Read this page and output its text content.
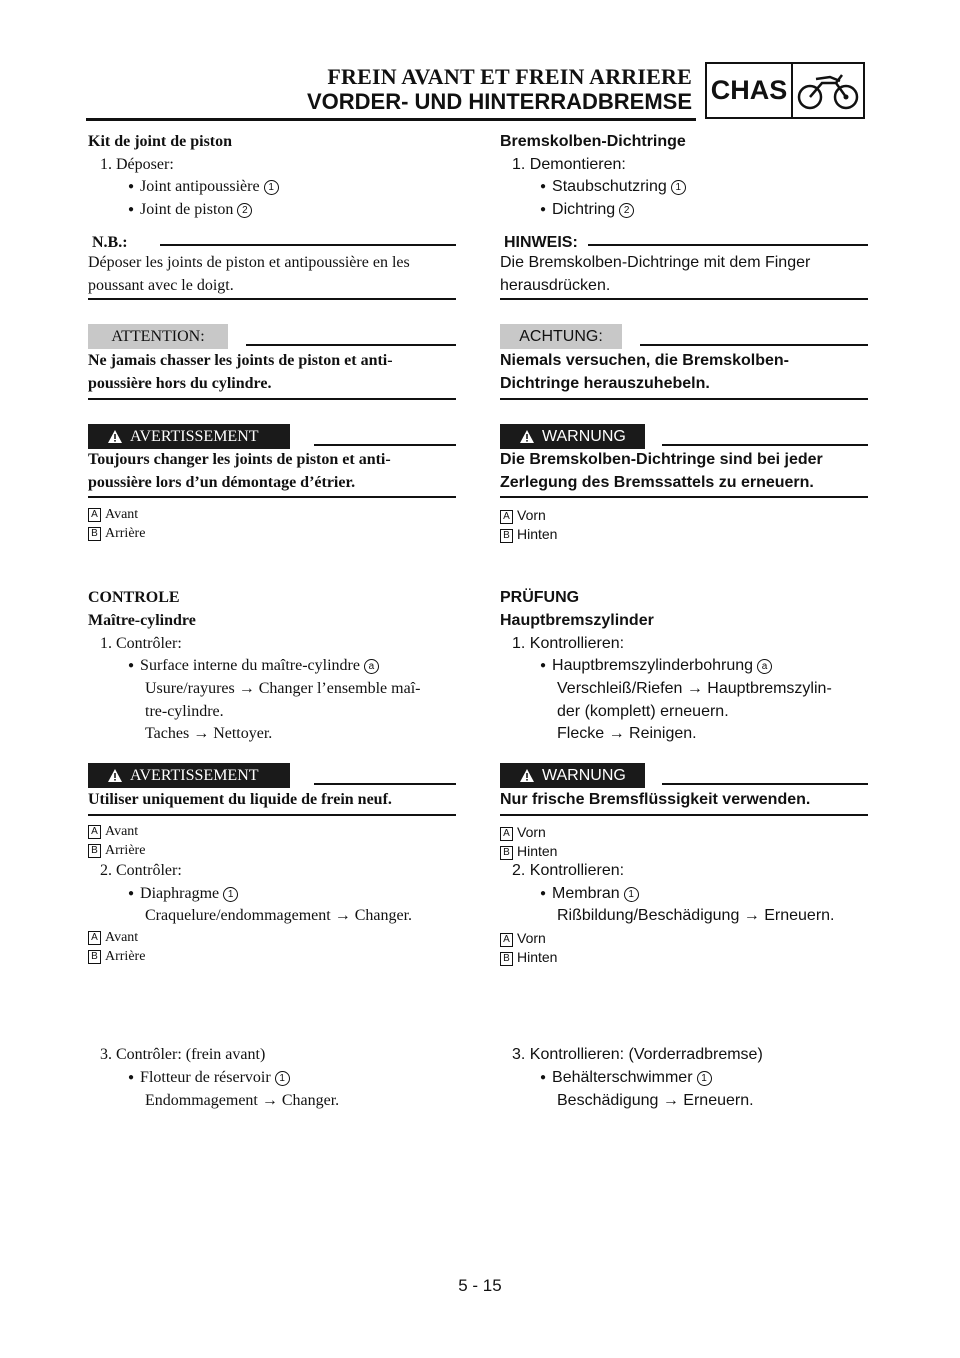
FREIN AVANT ET FREIN ARRIERE
VORDER- UND HINTERRADBREMSE CHAS
Kit de joint de piston
1. Déposer:
● Joint antipoussière 1
● Joint de piston 2
N.B.:
Déposer les joints de piston et antipoussière en les
poussant avec le doigt.
ATTENTION:
Ne jamais chasser les joints de piston et anti-
poussière hors du cylindre.
AVERTISSEMENT
Toujours changer les joints de piston et anti-
poussière lors d’un démontage d’étrier.
A Avant
B Arrière
CONTROLE
Maître-cylindre
1. Contrôler:
● Surface interne du maître-cylindre a
Usure/rayures → Changer l’ensemble maî-
tre-cylindre.
Taches → Nettoyer.
AVERTISSEMENT
Utiliser uniquement du liquide de frein neuf.
A Avant
B Arrière
2. Contrôler:
● Diaphragme 1
Craquelure/endommagement → Changer.
A Avant
B Arrière
3. Contrôler: (frein avant)
● Flotteur de réservoir 1
Endommagement → Changer.
Bremskolben-Dichtringe
1. Demontieren:
● Staubschutzring 1
● Dichtring 2
HINWEIS:
Die Bremskolben-Dichtringe mit dem Finger
herausdrücken.
ACHTUNG:
Niemals versuchen, die Bremskolben-
Dichtringe herauszuhebeln.
WARNUNG
Die Bremskolben-Dichtringe sind bei jeder
Zerlegung des Bremssattels zu erneuern.
A Vorn
B Hinten
PRÜFUNG
Hauptbremszylinder
1. Kontrollieren:
● Hauptbremszylinderbohrung a
Verschleiß/Riefen → Hauptbremszylin-
der (komplett) erneuern.
Flecke → Reinigen.
WARNUNG
Nur frische Bremsflüssigkeit verwenden.
A Vorn
B Hinten
2. Kontrollieren:
● Membran 1
Rißbildung/Beschädigung → Erneuern.
A Vorn
B Hinten
3. Kontrollieren: (Vorderradbremse)
● Behälterschwimmer 1
Beschädigung → Erneuern.
5 - 15
